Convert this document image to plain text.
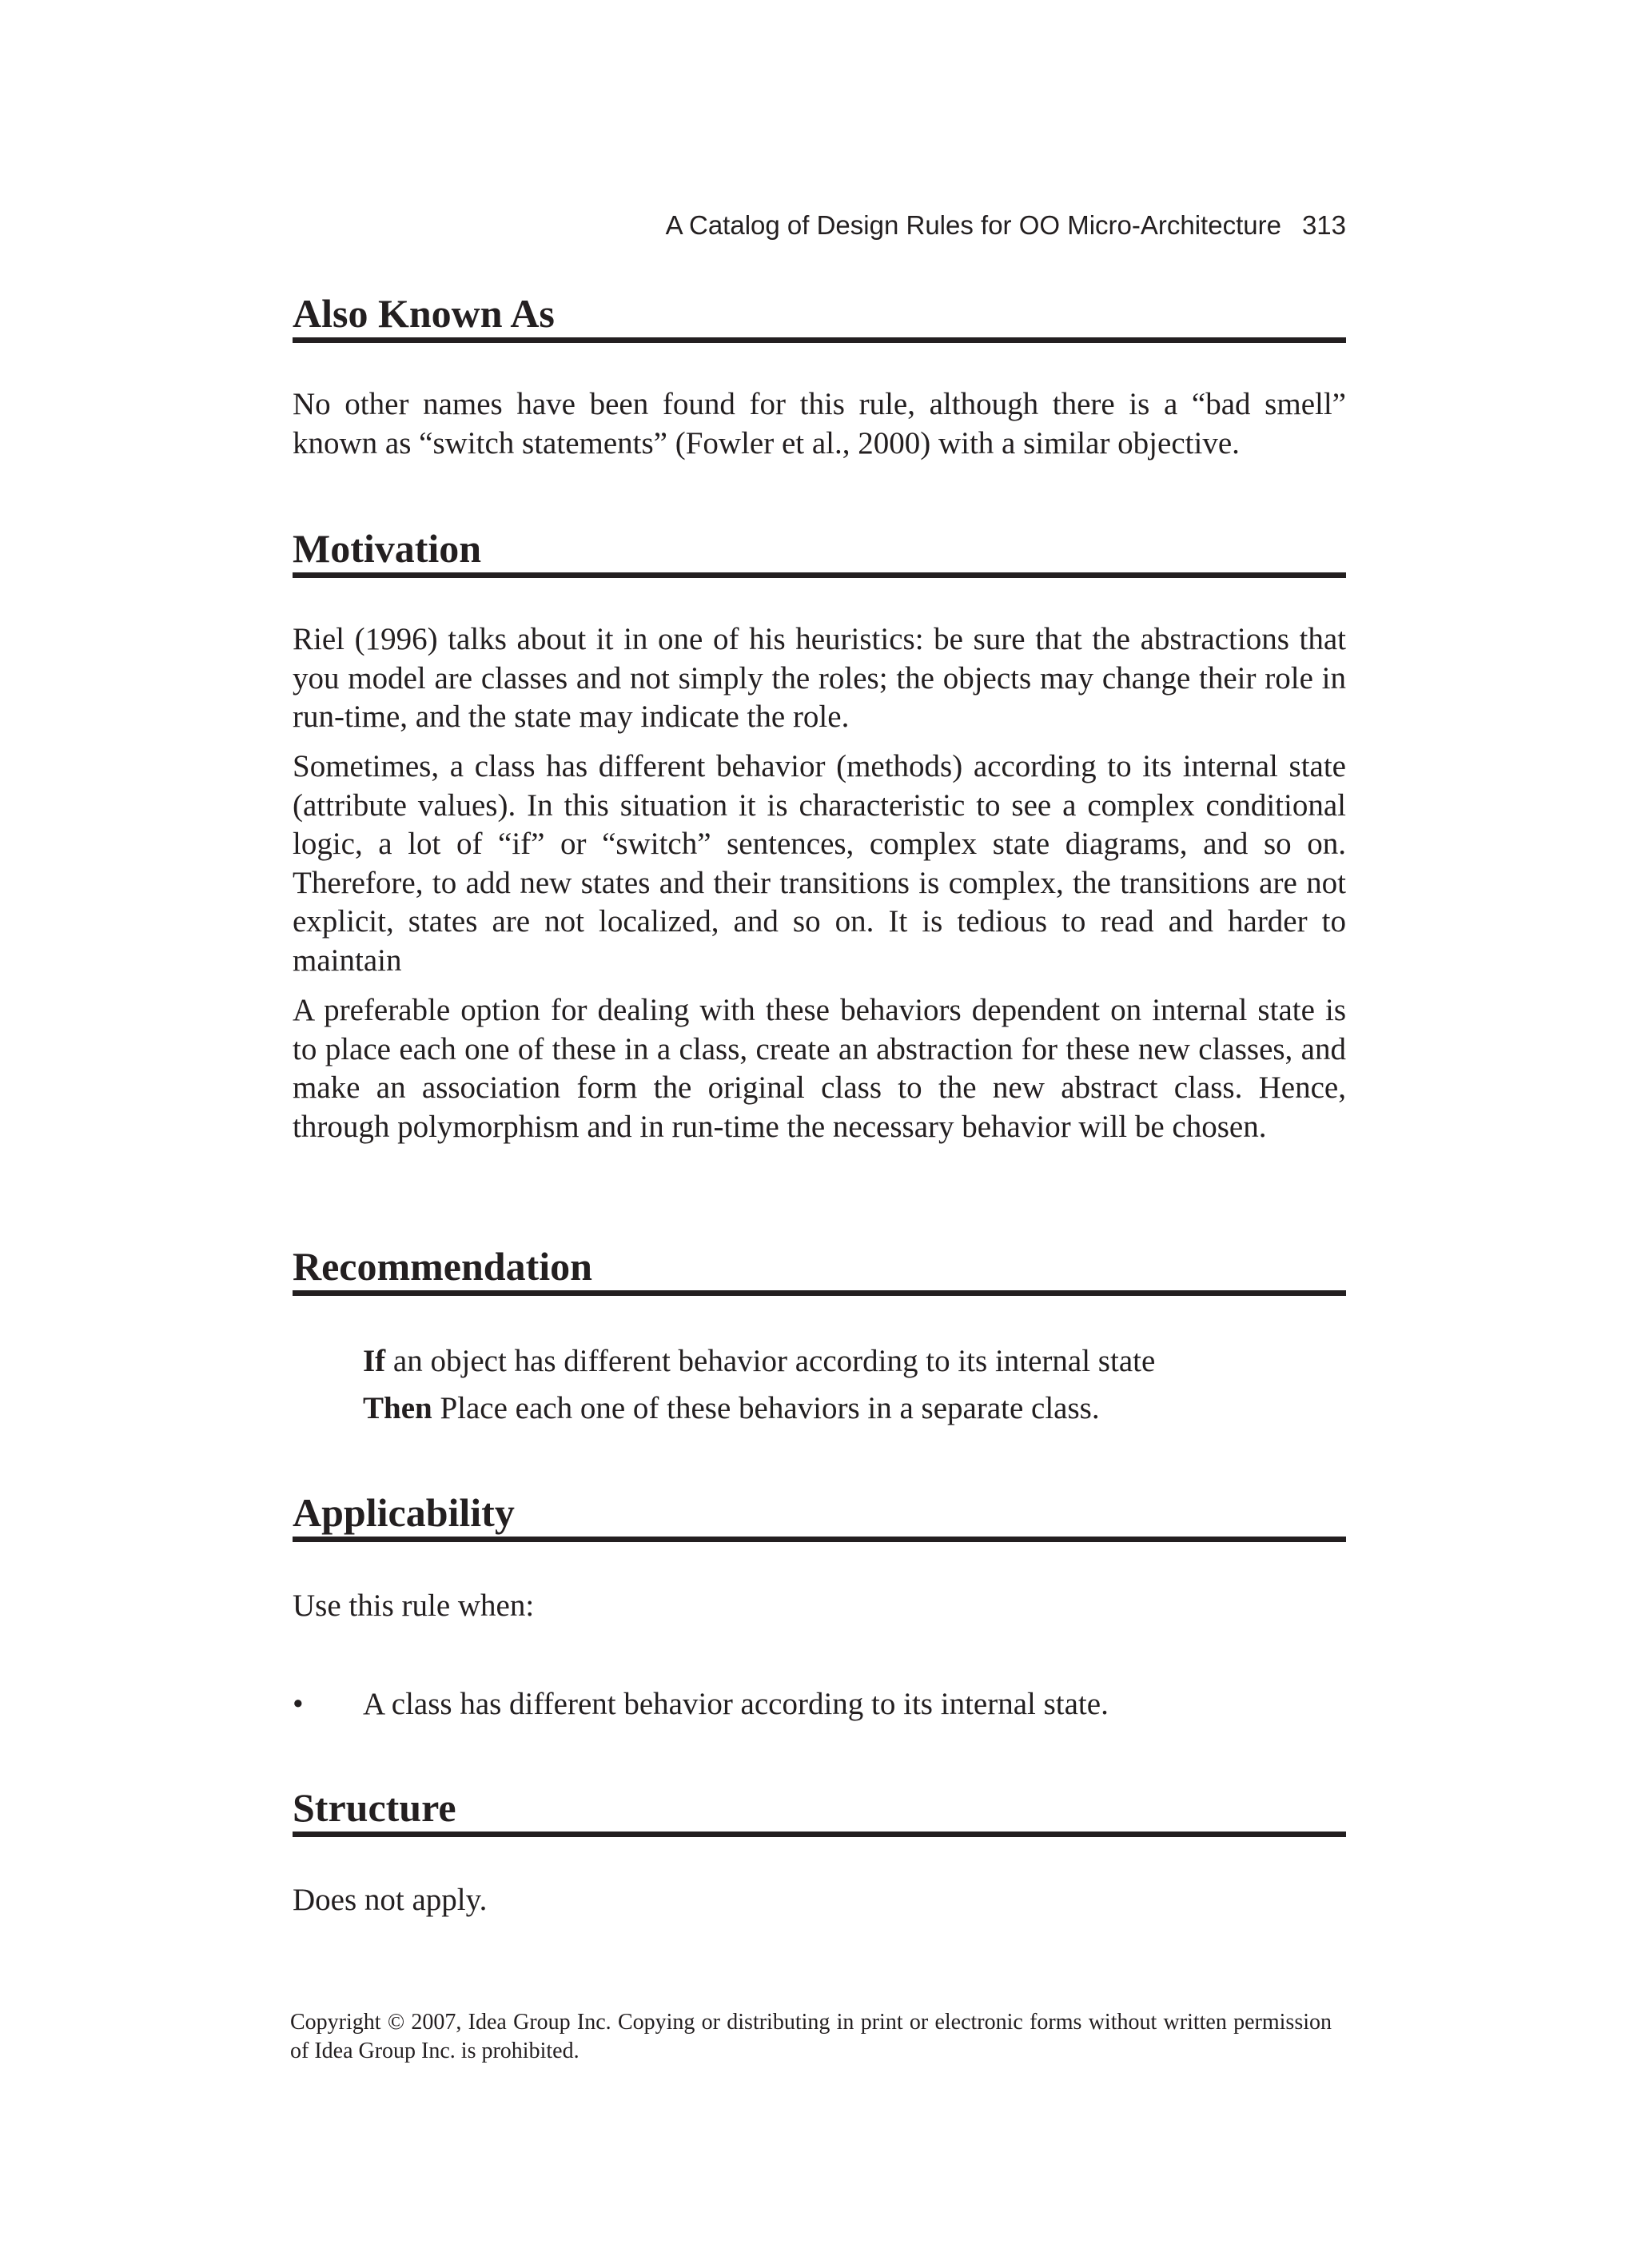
A Catalog of Design Rules for OO Micro-Architecture 313
Also Known As

No other names have been found for this rule, although there is a “bad smell” known as “switch statements” (Fowler et al., 2000) with a similar objective.

Motivation

Riel (1996) talks about it in one of his heuristics: be sure that the abstractions that you model are classes and not simply the roles; the objects may change their role in run-time, and the state may indicate the role.

Sometimes, a class has different behavior (methods) according to its internal state (attribute values). In this situation it is characteristic to see a complex conditional logic, a lot of “if” or “switch” sentences, complex state diagrams, and so on. Therefore, to add new states and their transitions is complex, the transitions are not explicit, states are not localized, and so on. It is tedious to read and harder to maintain

A preferable option for dealing with these behaviors dependent on internal state is to place each one of these in a class, create an abstraction for these new classes, and make an association form the original class to the new abstract class. Hence, through polymorphism and in run-time the necessary behavior will be chosen.

Recommendation

If an object has different behavior according to its internal state

Then Place each one of these behaviors in a separate class.

Applicability

Use this rule when:

• A class has different behavior according to its internal state.
Structure

Does not apply.

Copyright © 2007, Idea Group Inc. Copying or distributing in print or electronic forms without written permission of Idea Group Inc. is prohibited.
